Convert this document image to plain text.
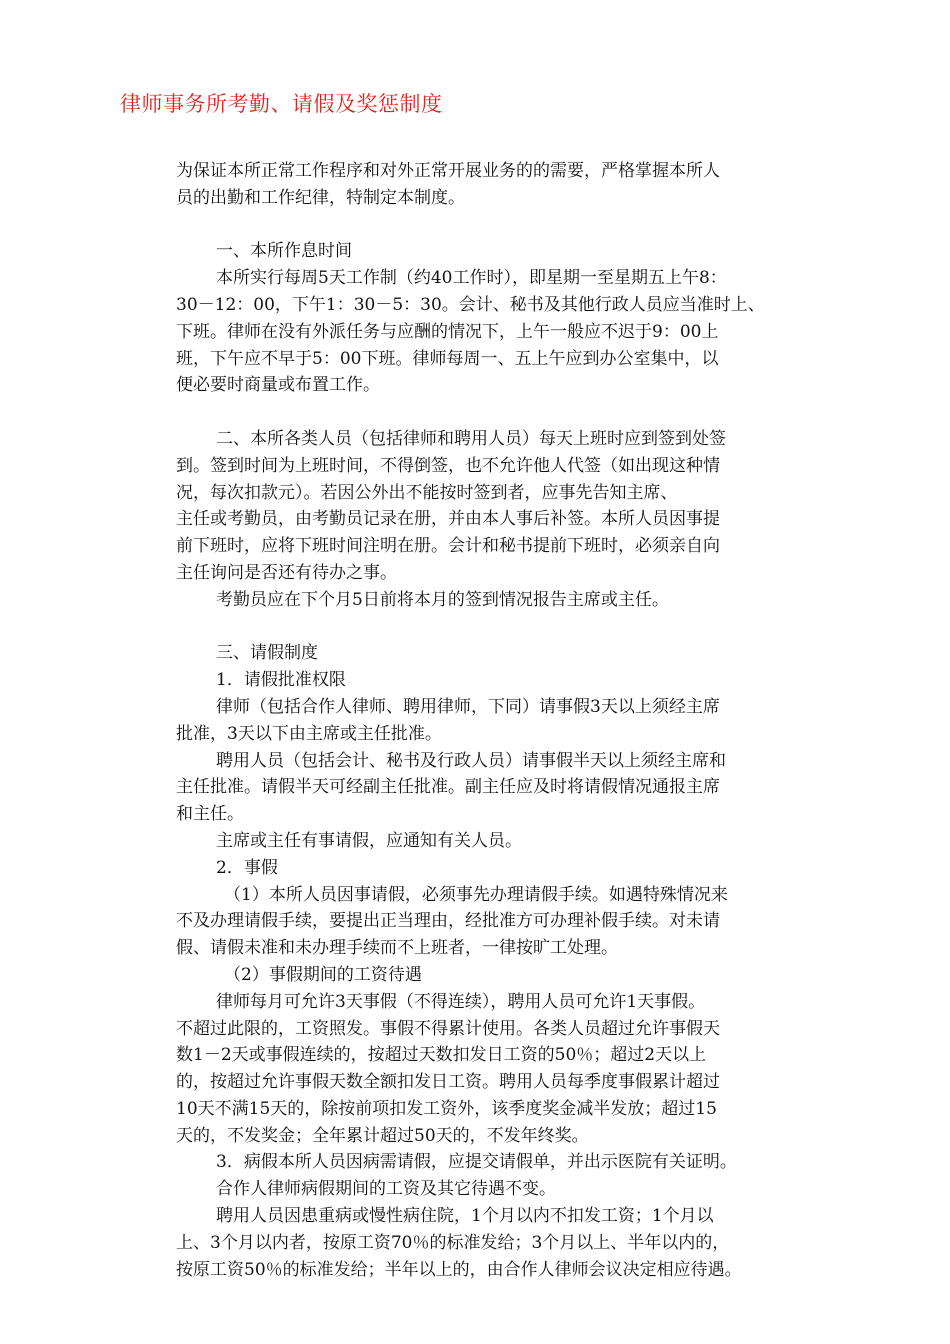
律师事务所考勤、请假及奖惩制度
为保证本所正常工作程序和对外正常开展业务的的需要，严格掌握本所人
员的出勤和工作纪律，特制定本制度。
一、本所作息时间
本所实行每周5天工作制（约40工作时），即星期一至星期五上午8：
30－12：00，下午1：30－5：30。会计、秘书及其他行政人员应当准时上、
下班。律师在没有外派任务与应酬的情况下，上午一般应不迟于9：00上
班，下午应不早于5：00下班。律师每周一、五上午应到办公室集中，以
便必要时商量或布置工作。
二、本所各类人员（包括律师和聘用人员）每天上班时应到签到处签
到。签到时间为上班时间，不得倒签，也不允许他人代签（如出现这种情
况，每次扣款元）。若因公外出不能按时签到者，应事先告知主席、
主任或考勤员，由考勤员记录在册，并由本人事后补签。本所人员因事提
前下班时，应将下班时间注明在册。会计和秘书提前下班时，必须亲自向
主任询问是否还有待办之事。
考勤员应在下个月5日前将本月的签到情况报告主席或主任。
三、请假制度
1．请假批准权限
律师（包括合作人律师、聘用律师，下同）请事假3天以上须经主席
批准，3天以下由主席或主任批准。
聘用人员（包括会计、秘书及行政人员）请事假半天以上须经主席和
主任批准。请假半天可经副主任批准。副主任应及时将请假情况通报主席
和主任。
主席或主任有事请假，应通知有关人员。
2．事假
（1）本所人员因事请假，必须事先办理请假手续。如遇特殊情况来
不及办理请假手续，要提出正当理由，经批准方可办理补假手续。对未请
假、请假未准和未办理手续而不上班者，一律按旷工处理。
（2）事假期间的工资待遇
律师每月可允许3天事假（不得连续），聘用人员可允许1天事假。
不超过此限的，工资照发。事假不得累计使用。各类人员超过允许事假天
数1－2天或事假连续的，按超过天数扣发日工资的50％；超过2天以上
的，按超过允许事假天数全额扣发日工资。聘用人员每季度事假累计超过
10天不满15天的，除按前项扣发工资外，该季度奖金减半发放；超过15
天的，不发奖金；全年累计超过50天的，不发年终奖。
3．病假本所人员因病需请假，应提交请假单，并出示医院有关证明。
合作人律师病假期间的工资及其它待遇不变。
聘用人员因患重病或慢性病住院，1个月以内不扣发工资；1个月以
上、3个月以内者，按原工资70％的标准发给；3个月以上、半年以内的，
按原工资50％的标准发给；半年以上的，由合作人律师会议决定相应待遇。
